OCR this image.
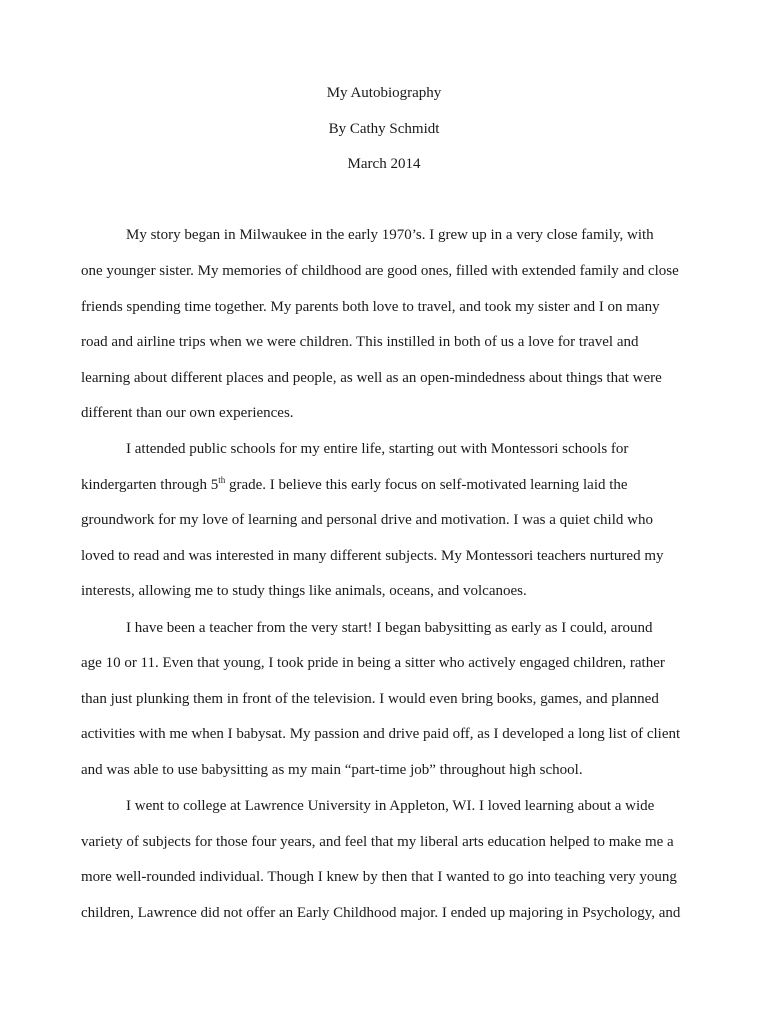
My Autobiography
By Cathy Schmidt
March 2014
My story began in Milwaukee in the early 1970’s. I grew up in a very close family, with
one younger sister. My memories of childhood are good ones, filled with extended family and close
friends spending time together. My parents both love to travel, and took my sister and I on many
road and airline trips when we were children. This instilled in both of us a love for travel and
learning about different places and people, as well as an open-mindedness about things that were
different than our own experiences.
I attended public schools for my entire life, starting out with Montessori schools for
kindergarten through 5th grade. I believe this early focus on self-motivated learning laid the
groundwork for my love of learning and personal drive and motivation. I was a quiet child who
loved to read and was interested in many different subjects. My Montessori teachers nurtured my
interests, allowing me to study things like animals, oceans, and volcanoes.
I have been a teacher from the very start! I began babysitting as early as I could, around
age 10 or 11. Even that young, I took pride in being a sitter who actively engaged children, rather
than just plunking them in front of the television. I would even bring books, games, and planned
activities with me when I babysat. My passion and drive paid off, as I developed a long list of client
and was able to use babysitting as my main “part-time job” throughout high school.
I went to college at Lawrence University in Appleton, WI. I loved learning about a wide
variety of subjects for those four years, and feel that my liberal arts education helped to make me a
more well-rounded individual. Though I knew by then that I wanted to go into teaching very young
children, Lawrence did not offer an Early Childhood major. I ended up majoring in Psychology, and
